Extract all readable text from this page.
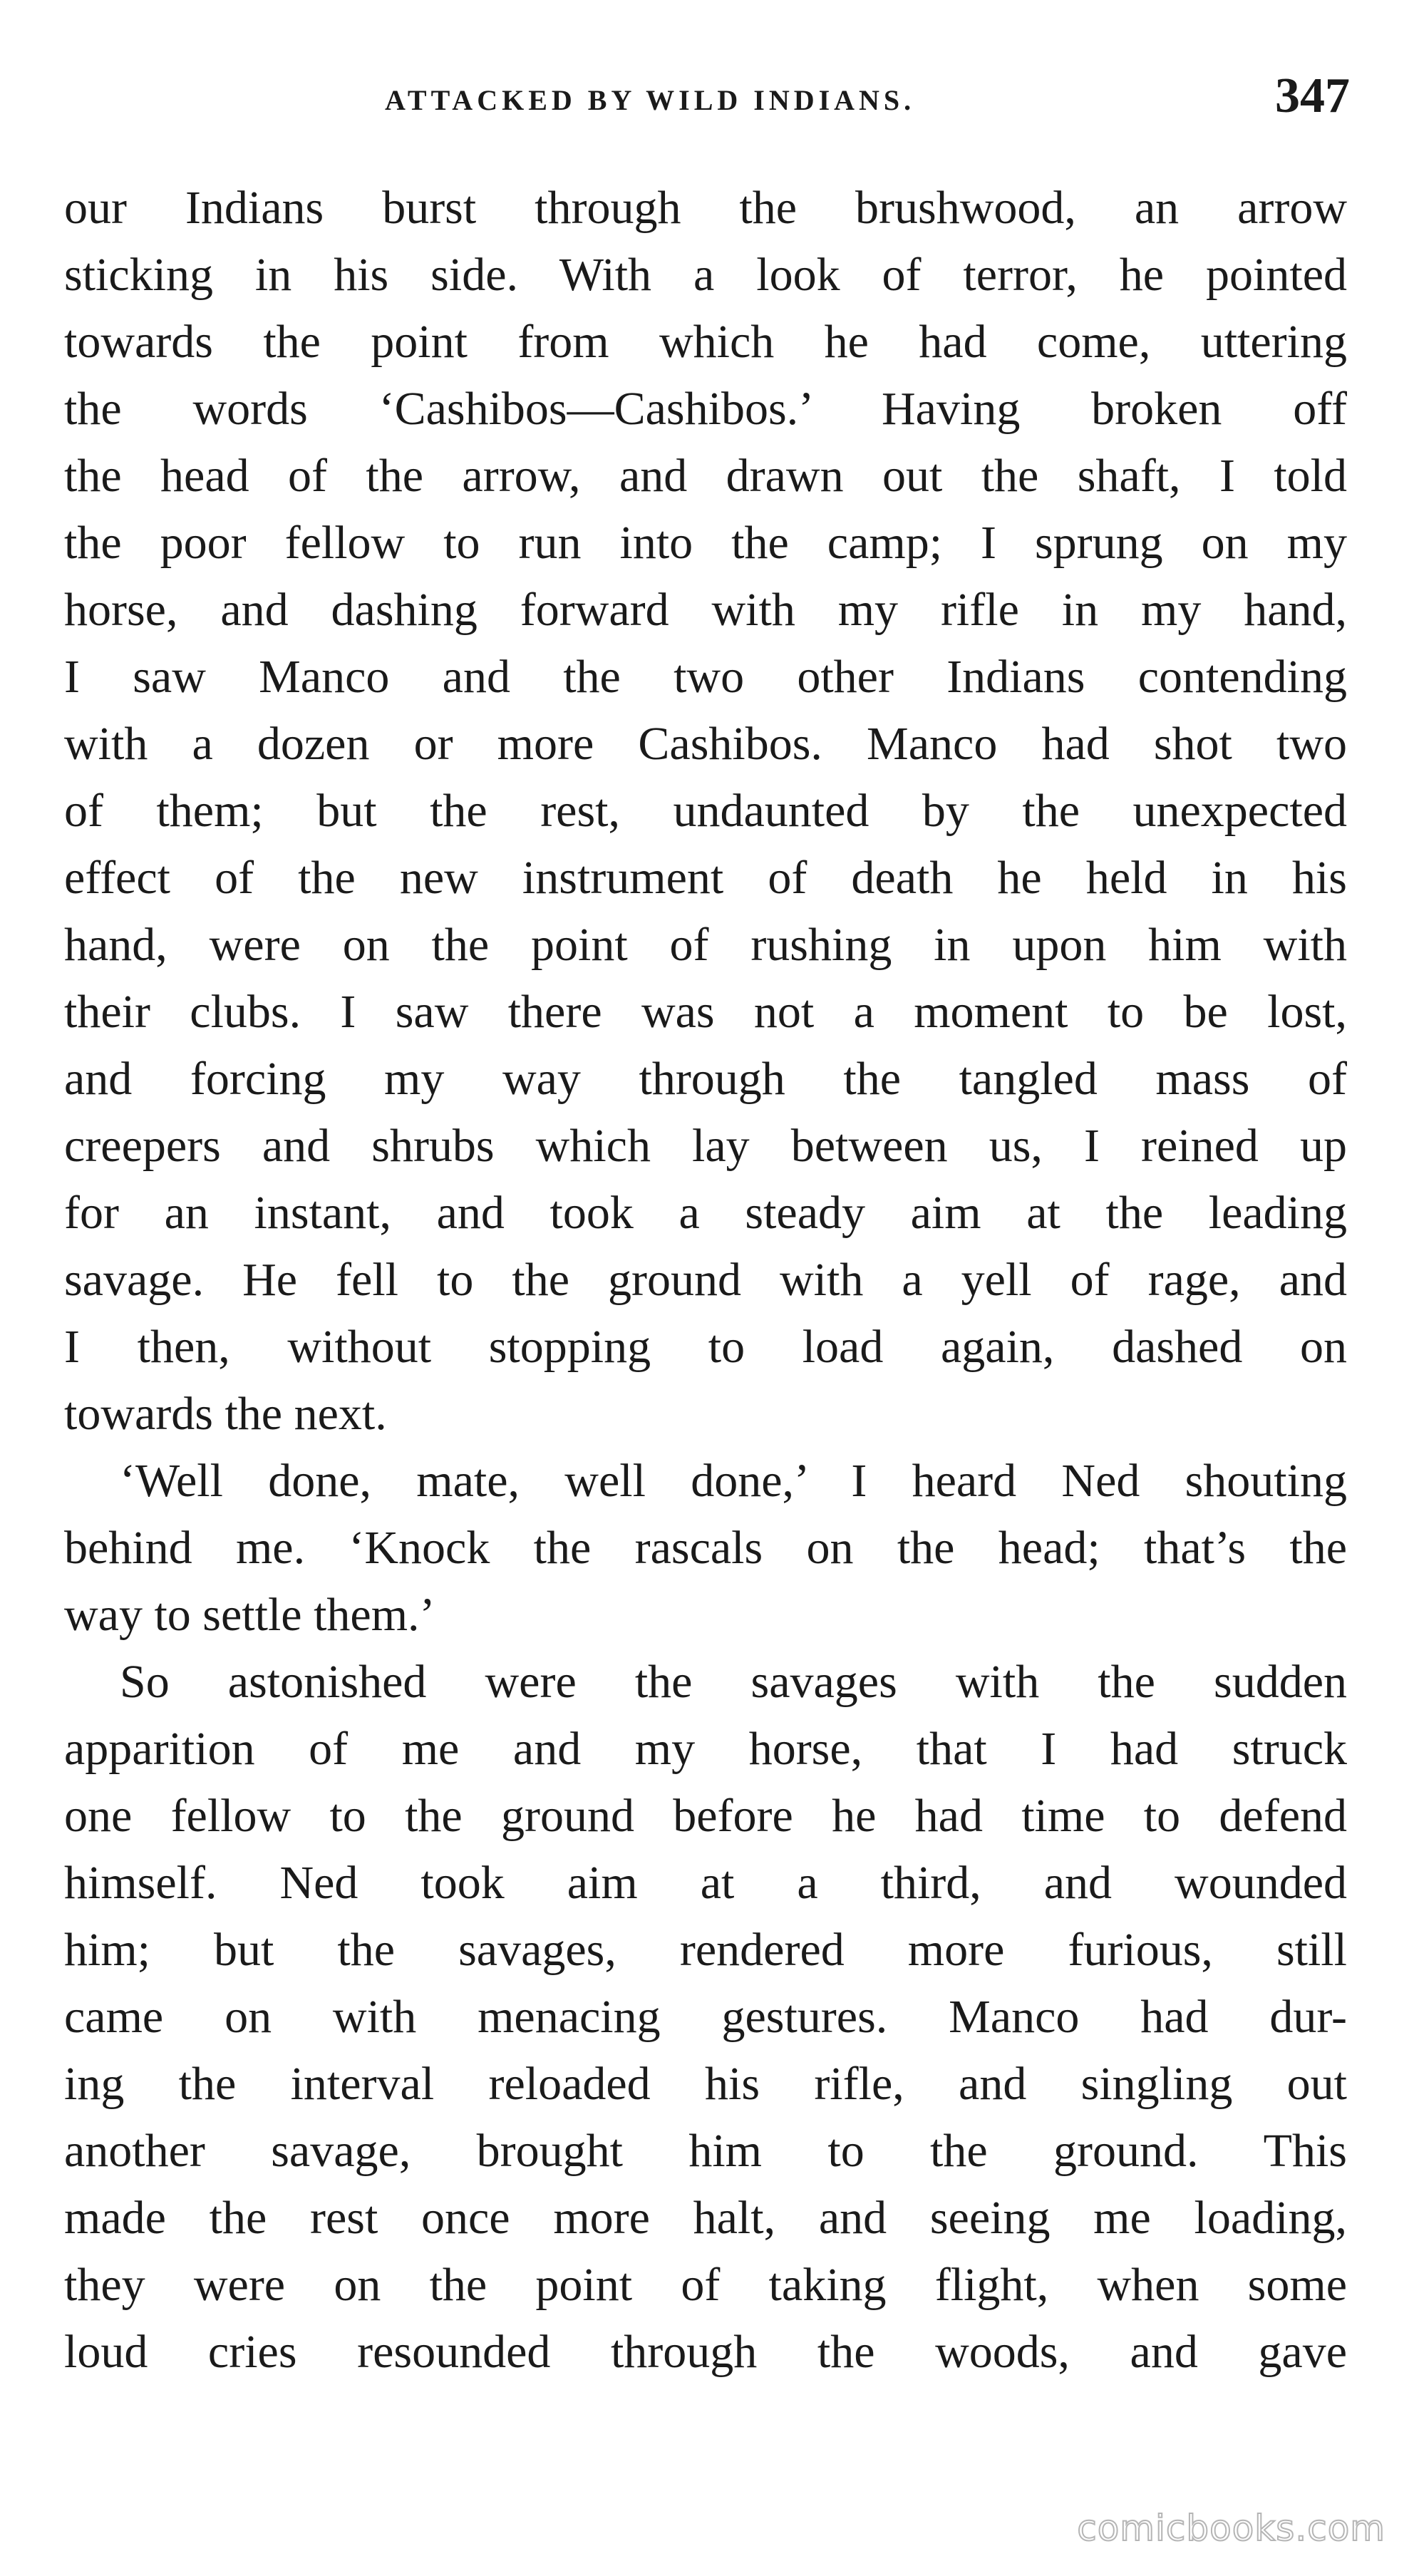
ATTACKED BY WILD INDIANS.	347
our Indians burst through the brushwood, an arrow
sticking in his side. With a look of terror, he pointed
towards the point from which he had come, uttering
the words ‘Cashibos—Cashibos.’ Having broken off
the head of the arrow, and drawn out the shaft, I told
the poor fellow to run into the camp; I sprung on my
horse, and dashing forward with my rifle in my hand,
I saw Manco and the two other Indians contending
with a dozen or more Cashibos. Manco had shot two
of them; but the rest, undaunted by the unexpected
effect of the new instrument of death he held in his
hand, were on the point of rushing in upon him with
their clubs. I saw there was not a moment to be lost,
and forcing my way through the tangled mass of
creepers and shrubs which lay between us, I reined up
for an instant, and took a steady aim at the leading
savage. He fell to the ground with a yell of rage, and
I then, without stopping to load again, dashed on
towards the next.
‘Well done, mate, well done,’ I heard Ned shouting
behind me. ‘Knock the rascals on the head; that’s the
way to settle them.’
So astonished were the savages with the sudden
apparition of me and my horse, that I had struck
one fellow to the ground before he had time to defend
himself. Ned took aim at a third, and wounded
him; but the savages, rendered more furious, still
came on with menacing gestures. Manco had dur-
ing the interval reloaded his rifle, and singling out
another savage, brought him to the ground. This
made the rest once more halt, and seeing me loading,
they were on the point of taking flight, when some
loud cries resounded through the woods, and gave
comicbooks.com
